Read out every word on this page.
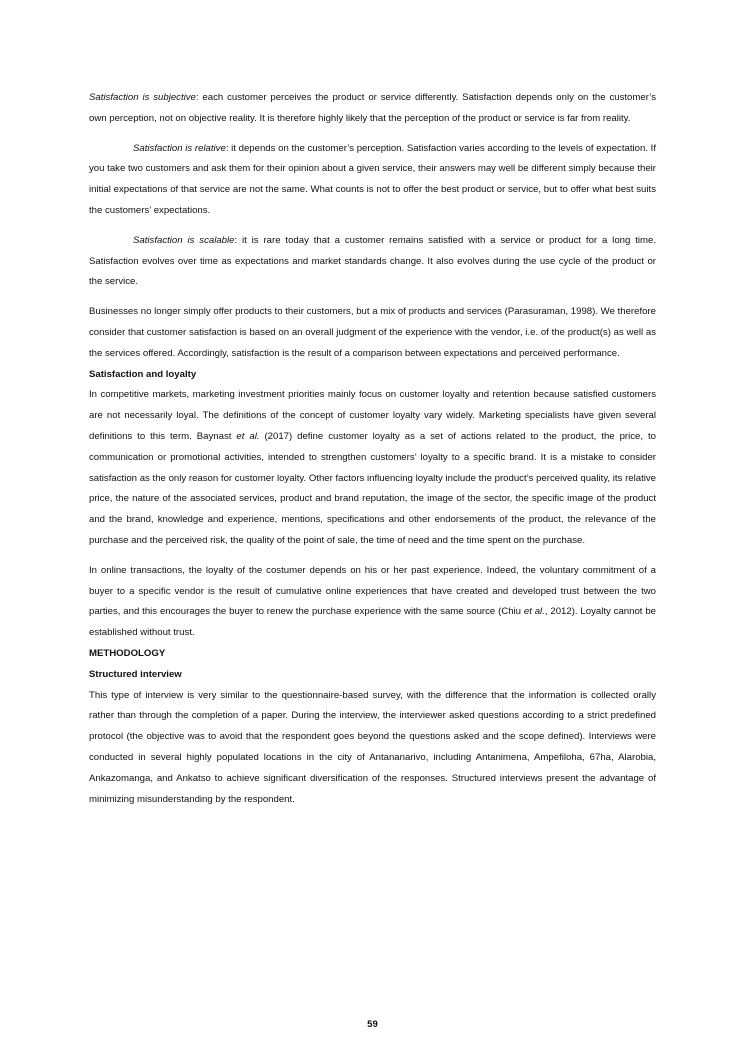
Satisfaction is subjective: each customer perceives the product or service differently. Satisfaction depends only on the customer’s own perception, not on objective reality. It is therefore highly likely that the perception of the product or service is far from reality.

Satisfaction is relative: it depends on the customer’s perception. Satisfaction varies according to the levels of expectation. If you take two customers and ask them for their opinion about a given service, their answers may well be different simply because their initial expectations of that service are not the same. What counts is not to offer the best product or service, but to offer what best suits the customers’ expectations.

Satisfaction is scalable: it is rare today that a customer remains satisfied with a service or product for a long time. Satisfaction evolves over time as expectations and market standards change. It also evolves during the use cycle of the product or the service.

Businesses no longer simply offer products to their customers, but a mix of products and services (Parasuraman, 1998). We therefore consider that customer satisfaction is based on an overall judgment of the experience with the vendor, i.e. of the product(s) as well as the services offered. Accordingly, satisfaction is the result of a comparison between expectations and perceived performance.

Satisfaction and loyalty

In competitive markets, marketing investment priorities mainly focus on customer loyalty and retention because satisfied customers are not necessarily loyal. The definitions of the concept of customer loyalty vary widely. Marketing specialists have given several definitions to this term. Baynast et al. (2017) define customer loyalty as a set of actions related to the product, the price, to communication or promotional activities, intended to strengthen customers’ loyalty to a specific brand. It is a mistake to consider satisfaction as the only reason for customer loyalty. Other factors influencing loyalty include the product’s perceived quality, its relative price, the nature of the associated services, product and brand reputation, the image of the sector, the specific image of the product and the brand, knowledge and experience, mentions, specifications and other endorsements of the product, the relevance of the purchase and the perceived risk, the quality of the point of sale, the time of need and the time spent on the purchase.

In online transactions, the loyalty of the costumer depends on his or her past experience. Indeed, the voluntary commitment of a buyer to a specific vendor is the result of cumulative online experiences that have created and developed trust between the two parties, and this encourages the buyer to renew the purchase experience with the same source (Chiu et al., 2012). Loyalty cannot be established without trust.

METHODOLOGY
Structured interview

This type of interview is very similar to the questionnaire-based survey, with the difference that the information is collected orally rather than through the completion of a paper. During the interview, the interviewer asked questions according to a strict predefined protocol (the objective was to avoid that the respondent goes beyond the questions asked and the scope defined). Interviews were conducted in several highly populated locations in the city of Antananarivo, including Antanimena, Ampefiloha, 67ha, Alarobia, Ankazomanga, and Ankatso to achieve significant diversification of the responses. Structured interviews present the advantage of minimizing misunderstanding by the respondent.

59
